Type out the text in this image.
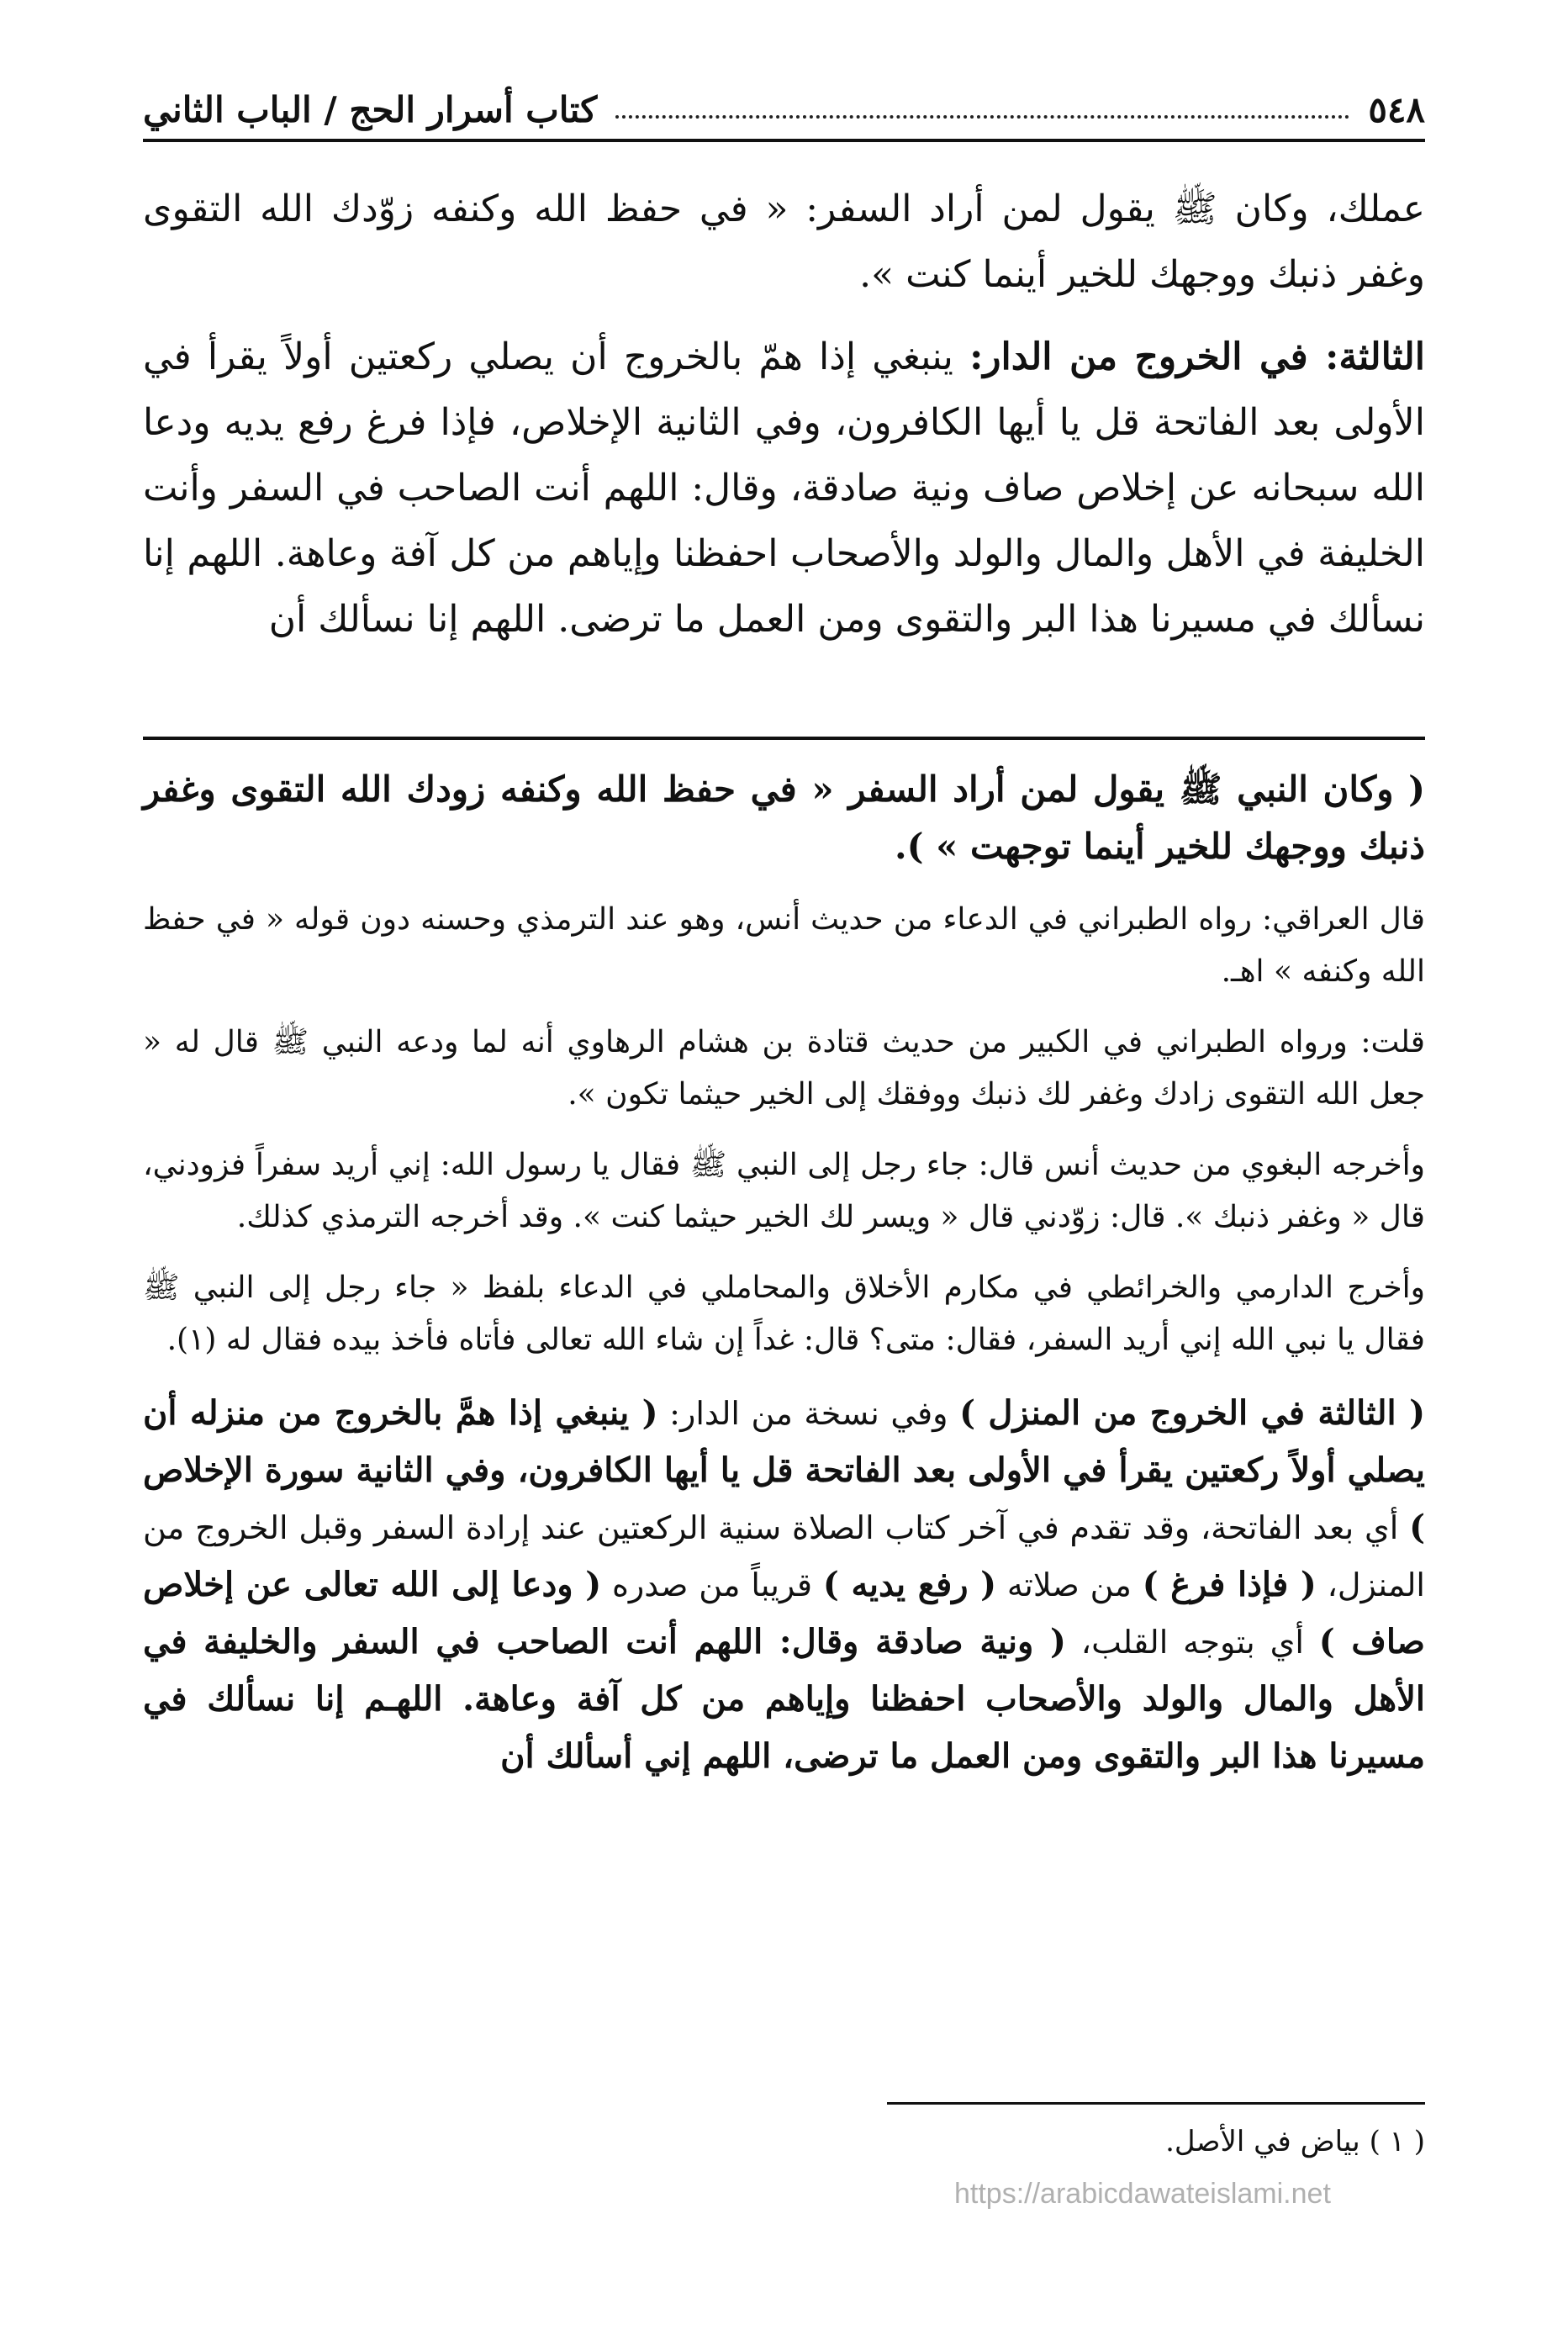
٥٤٨
كتاب أسرار الحج / الباب الثاني

عملك، وكان ﷺ يقول لمن أراد السفر: « في حفظ الله وكنفه زوّدك الله التقوى وغفر ذنبك ووجهك للخير أينما كنت ».

الثالثة: في الخروج من الدار: ينبغي إذا همّ بالخروج أن يصلي ركعتين أولاً يقرأ في الأولى بعد الفاتحة قل يا أيها الكافرون، وفي الثانية الإخلاص، فإذا فرغ رفع يديه ودعا الله سبحانه عن إخلاص صاف ونية صادقة، وقال: اللهم أنت الصاحب في السفر وأنت الخليفة في الأهل والمال والولد والأصحاب احفظنا وإياهم من كل آفة وعاهة. اللهم إنا نسألك في مسيرنا هذا البر والتقوى ومن العمل ما ترضى. اللهم إنا نسألك أن

( وكان النبي ﷺ يقول لمن أراد السفر « في حفظ الله وكنفه زودك الله التقوى وغفر ذنبك ووجهك للخير أينما توجهت » ).

قال العراقي: رواه الطبراني في الدعاء من حديث أنس، وهو عند الترمذي وحسنه دون قوله « في حفظ الله وكنفه » اهـ.

قلت: ورواه الطبراني في الكبير من حديث قتادة بن هشام الرهاوي أنه لما ودعه النبي ﷺ قال له « جعل الله التقوى زادك وغفر لك ذنبك ووفقك إلى الخير حيثما تكون ».

وأخرجه البغوي من حديث أنس قال: جاء رجل إلى النبي ﷺ فقال يا رسول الله: إني أريد سفراً فزودني، قال « وغفر ذنبك ». قال: زوّدني قال « ويسر لك الخير حيثما كنت ». وقد أخرجه الترمذي كذلك.

وأخرج الدارمي والخرائطي في مكارم الأخلاق والمحاملي في الدعاء بلفظ « جاء رجل إلى النبي ﷺ فقال يا نبي الله إني أريد السفر، فقال: متى؟ قال: غداً إن شاء الله تعالى فأتاه فأخذ بيده فقال له (١).

( الثالثة في الخروج من المنزل ) وفي نسخة من الدار: ( ينبغي إذا همَّ بالخروج من منزله أن يصلي أولاً ركعتين يقرأ في الأولى بعد الفاتحة قل يا أيها الكافرون، وفي الثانية سورة الإخلاص ) أي بعد الفاتحة، وقد تقدم في آخر كتاب الصلاة سنية الركعتين عند إرادة السفر وقبل الخروج من المنزل، ( فإذا فرغ ) من صلاته ( رفع يديه ) قريباً من صدره ( ودعا إلى الله تعالى عن إخلاص صاف ) أي بتوجه القلب، ( ونية صادقة وقال: اللهم أنت الصاحب في السفر والخليفة في الأهل والمال والولد والأصحاب احفظنا وإياهم من كل آفة وعاهة. اللهـم إنا نسألك في مسيرنا هذا البر والتقوى ومن العمل ما ترضى، اللهم إني أسألك أن

( ١ ) بياض في الأصل.
https://arabicdawateislami.net
